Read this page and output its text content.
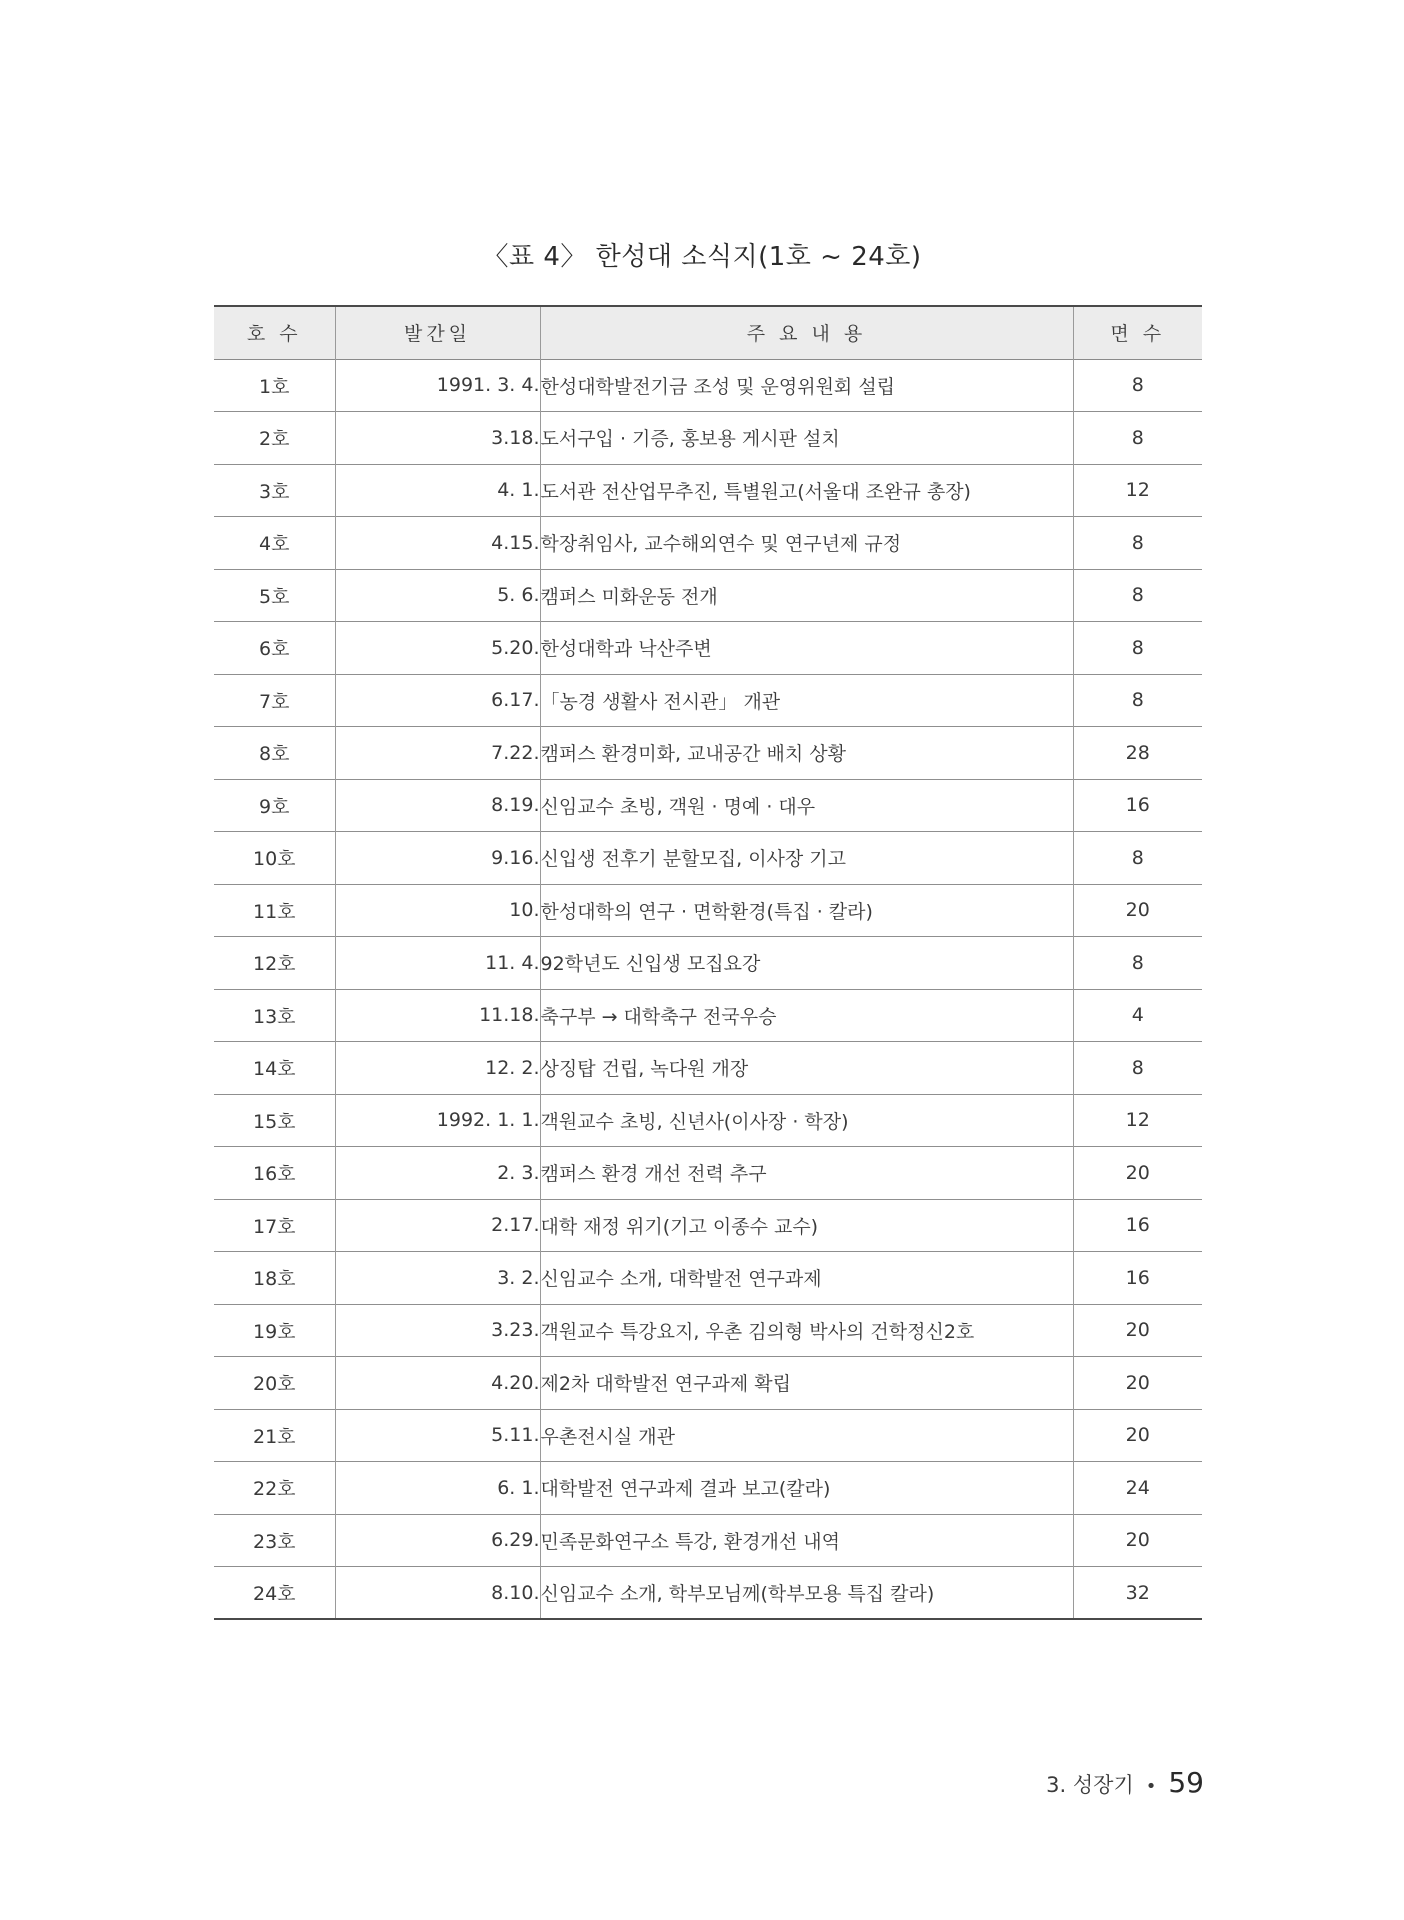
〈표 4〉 한성대 소식지(1호 ~ 24호)
호 수	발간일	주 요 내 용	면 수
1호	1991. 3. 4.	한성대학발전기금 조성 및 운영위원회 설립	8
2호	3.18.	도서구입 · 기증, 홍보용 게시판 설치	8
3호	4. 1.	도서관 전산업무추진, 특별원고(서울대 조완규 총장)	12
4호	4.15.	학장취임사, 교수해외연수 및 연구년제 규정	8
5호	5. 6.	캠퍼스 미화운동 전개	8
6호	5.20.	한성대학과 낙산주변	8
7호	6.17.	「농경 생활사 전시관」 개관	8
8호	7.22.	캠퍼스 환경미화, 교내공간 배치 상황	28
9호	8.19.	신임교수 초빙, 객원 · 명예 · 대우	16
10호	9.16.	신입생 전후기 분할모집, 이사장 기고	8
11호	10.	한성대학의 연구 · 면학환경(특집 · 칼라)	20
12호	11. 4.	92학년도 신입생 모집요강	8
13호	11.18.	축구부 → 대학축구 전국우승	4
14호	12. 2.	상징탑 건립, 녹다원 개장	8
15호	1992. 1. 1.	객원교수 초빙, 신년사(이사장 · 학장)	12
16호	2. 3.	캠퍼스 환경 개선 전력 추구	20
17호	2.17.	대학 재정 위기(기고 이종수 교수)	16
18호	3. 2.	신임교수 소개, 대학발전 연구과제	16
19호	3.23.	객원교수 특강요지, 우촌 김의형 박사의 건학정신2호	20
20호	4.20.	제2차 대학발전 연구과제 확립	20
21호	5.11.	우촌전시실 개관	20
22호	6. 1.	대학발전 연구과제 결과 보고(칼라)	24
23호	6.29.	민족문화연구소 특강, 환경개선 내역	20
24호	8.10.	신임교수 소개, 학부모님께(학부모용 특집 칼라)	32
3. 성장기 • 59
